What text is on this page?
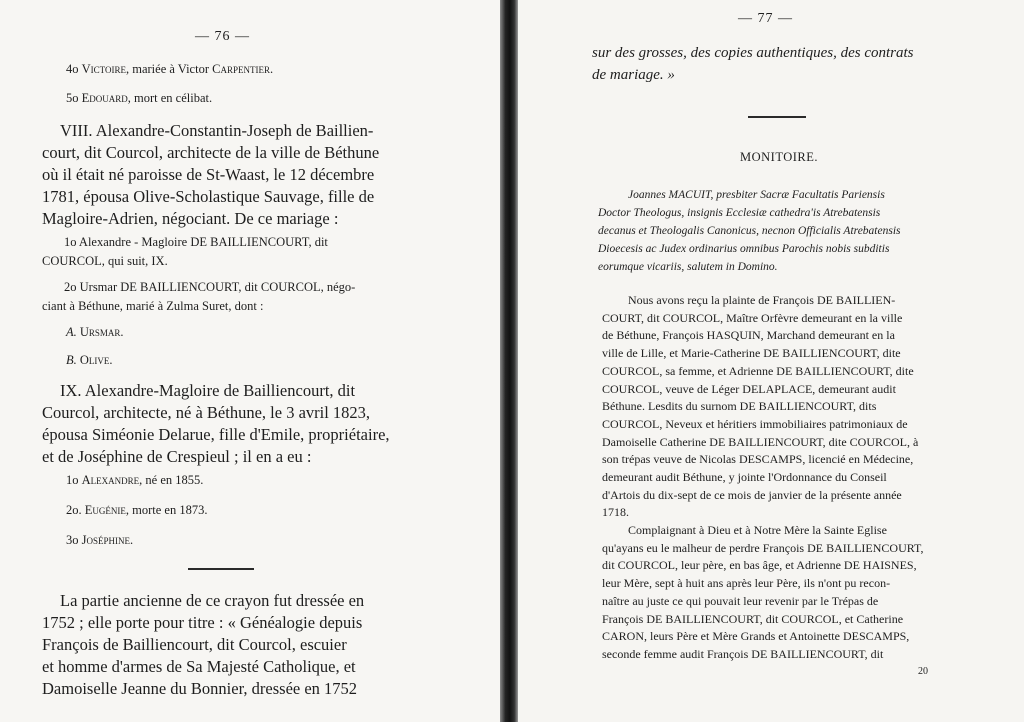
— 76 —

4o Victoire, mariée à Victor Carpentier.

5o Edouard, mort en célibat.

VIII. Alexandre-Constantin-Joseph de Baillien-
court, dit Courcol, architecte de la ville de Béthune
où il était né paroisse de St-Waast, le 12 décembre
1781, épousa Olive-Scholastique Sauvage, fille de
Magloire-Adrien, négociant. De ce mariage :
1o Alexandre - Magloire DE BAILLIENCOURT, dit
COURCOL, qui suit, IX.
2o Ursmar DE BAILLIENCOURT, dit COURCOL, négo-
ciant à Béthune, marié à Zulma Suret, dont :

A. Ursmar.

B. Olive.

IX. Alexandre-Magloire de Bailliencourt, dit
Courcol, architecte, né à Béthune, le 3 avril 1823,
épousa Siméonie Delarue, fille d'Emile, propriétaire,
et de Joséphine de Crespieul ; il en a eu :

1o Alexandre, né en 1855.

2o. Eugénie, morte en 1873.

3o Joséphine.

La partie ancienne de ce crayon fut dressée en
1752 ; elle porte pour titre : « Généalogie depuis
François de Bailliencourt, dit Courcol, escuier
et homme d'armes de Sa Majesté Catholique, et
Damoiselle Jeanne du Bonnier, dressée en 1752
— 77 —
sur des grosses, des copies authentiques, des contrats
de mariage. »

MONITOIRE.

Joannes MACUIT, presbiter Sacræ Facultatis Pariensis
Doctor Theologus, insignis Ecclesiæ cathedra'is Atrebatensis
decanus et Theologalis Canonicus, necnon Officialis Atrebatensis
Dioecesis ac Judex ordinarius omnibus Parochis nobis subditis
eorumque vicariis, salutem in Domino.
Nous avons reçu la plainte de François DE BAILLIEN-
COURT, dit COURCOL, Maître Orfèvre demeurant en la ville
de Béthune, François HASQUIN, Marchand demeurant en la
ville de Lille, et Marie-Catherine DE BAILLIENCOURT, dite
COURCOL, sa femme, et Adrienne DE BAILLIENCOURT, dite
COURCOL, veuve de Léger DELAPLACE, demeurant audit
Béthune. Lesdits du surnom DE BAILLIENCOURT, dits
COURCOL, Neveux et héritiers immobiliaires patrimoniaux de
Damoiselle Catherine DE BAILLIENCOURT, dite COURCOL, à
son trépas veuve de Nicolas DESCAMPS, licencié en Médecine,
demeurant audit Béthune, y jointe l'Ordonnance du Conseil
d'Artois du dix-sept de ce mois de janvier de la présente année
1718.
Complaignant à Dieu et à Notre Mère la Sainte Eglise
qu'ayans eu le malheur de perdre François DE BAILLIENCOURT,
dit COURCOL, leur père, en bas âge, et Adrienne DE HAISNES,
leur Mère, sept à huit ans après leur Père, ils n'ont pu recon-
naître au juste ce qui pouvait leur revenir par le Trépas de
François DE BAILLIENCOURT, dit COURCOL, et Catherine
CARON, leurs Père et Mère Grands et Antoinette DESCAMPS,
seconde femme audit François DE BAILLIENCOURT, dit

20
